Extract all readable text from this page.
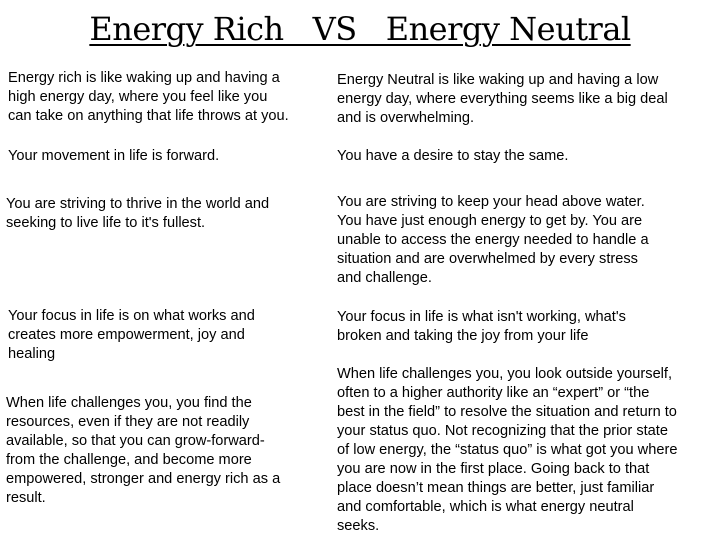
Energy Rich   VS   Energy Neutral
Energy rich is like waking up and having a
high energy day, where you feel like you
can take on anything that life throws at you.
Your movement in life is forward.
You are striving to thrive in the world and
seeking to live life to it's fullest.
Your focus in life is on what works and
creates more empowerment, joy and
healing
When life challenges you, you find the
resources, even if they are not readily
available, so that you can grow-forward-
from the challenge, and become more
empowered, stronger and energy rich as a
result.
Energy Neutral is like waking up and having a low
energy day, where everything seems like a big deal
and is overwhelming.
You have a desire to stay the same.
You are striving to keep your head above water.
You have just enough energy to get by. You are
unable to access the energy needed to handle a
situation and are overwhelmed by every stress
and challenge.
Your focus in life is what isn't working, what's
broken and taking the joy from your life
When life challenges you, you look outside yourself,
often to a higher authority like an “expert” or “the
best in the field” to resolve the situation and return to
your status quo. Not recognizing that the prior state
of low energy, the “status quo” is what got you where
you are now in the first place. Going back to that
place doesn’t mean things are better, just familiar
and comfortable, which is what energy neutral
seeks.
